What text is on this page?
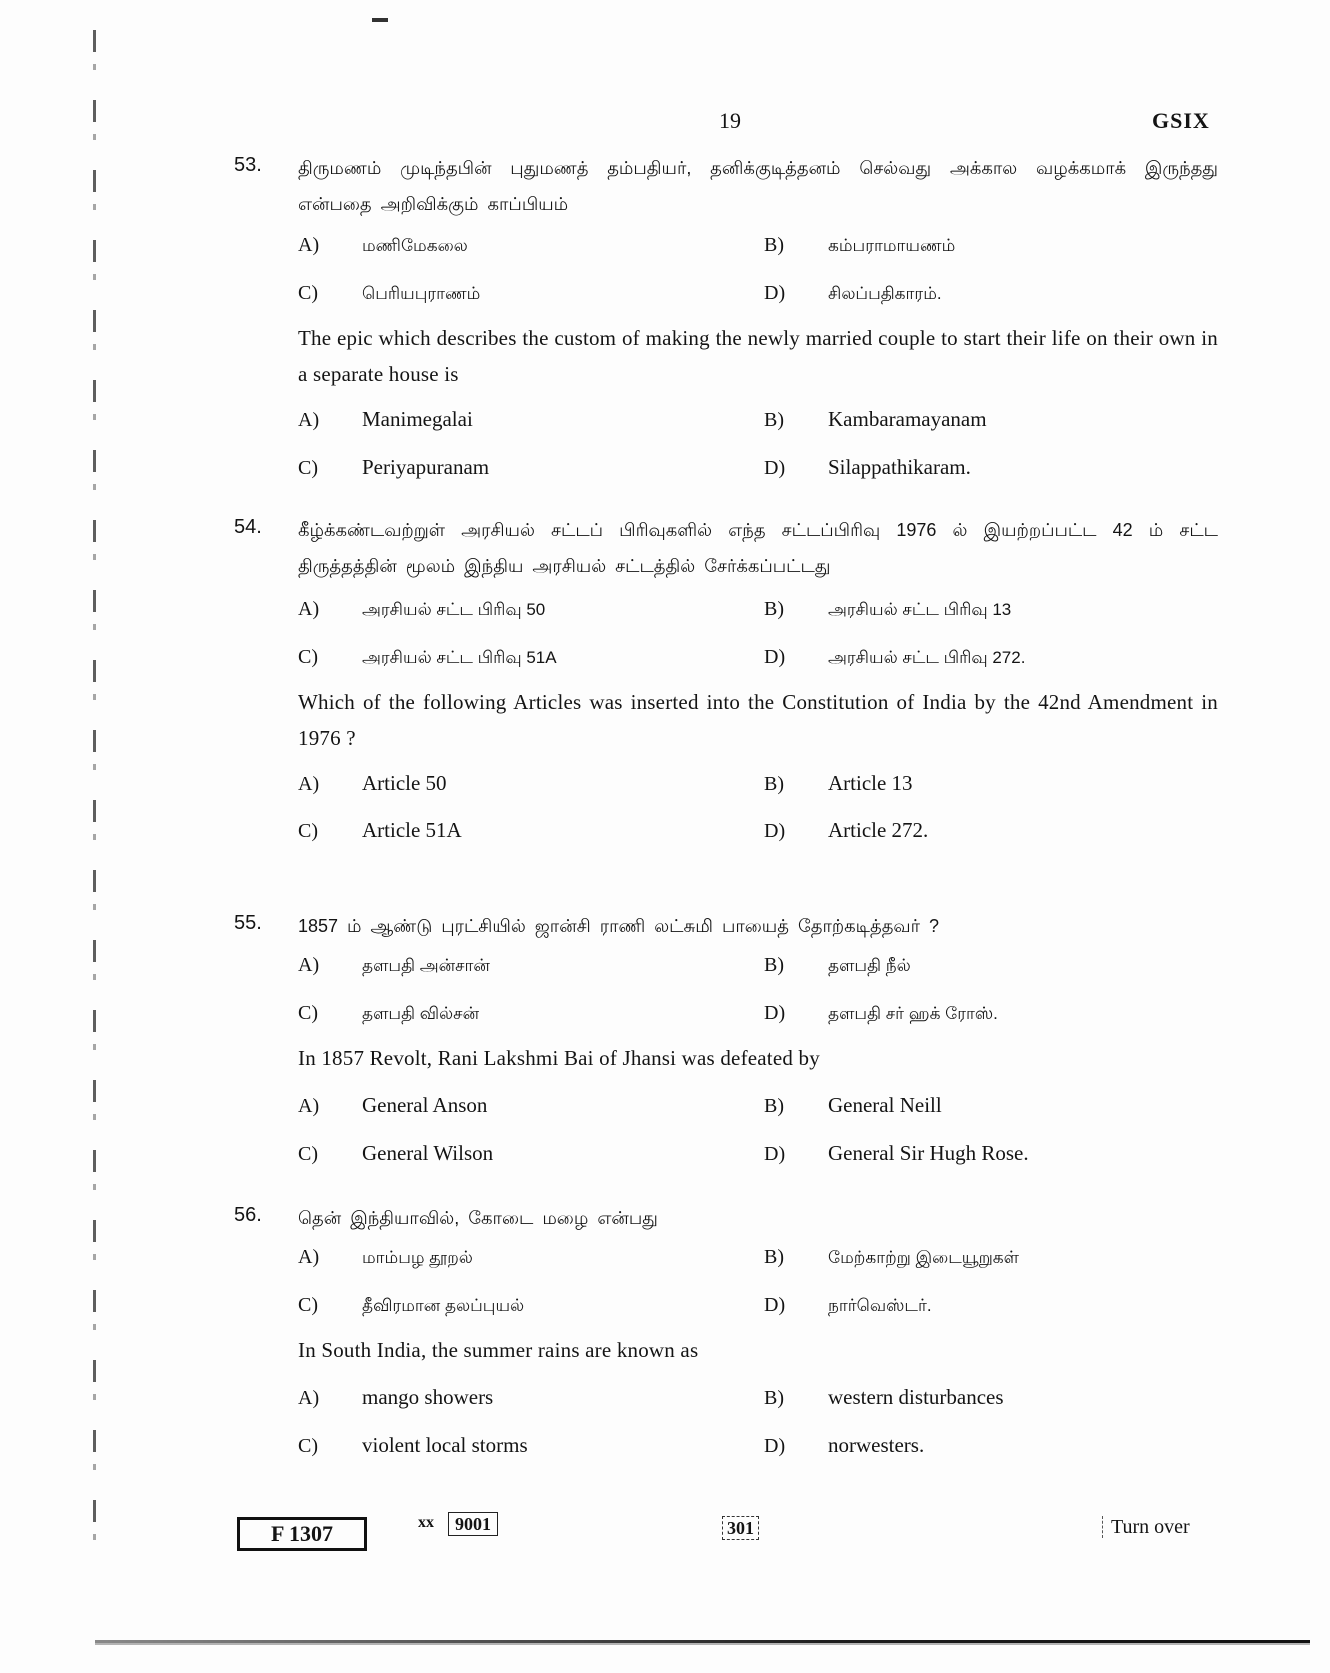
19	GSIX
53. திருமணம் முடிந்தபின் புதுமணத் தம்பதியர், தனிக்குடித்தனம் செல்வது அக்கால வழக்கமாக் இருந்தது என்பதை அறிவிக்கும் காப்பியம்
A)	மணிமேகலை	B)	கம்பராமாயணம்
C)	பெரியபுராணம்	D)	சிலப்பதிகாரம்.
The epic which describes the custom of making the newly married couple to start their life on their own in a separate house is
A) Manimegalai	B) Kambaramayanam
C) Periyapuranam	D) Silappathikaram.
54. கீழ்க்கண்டவற்றுள் அரசியல் சட்டப் பிரிவுகளில் எந்த சட்டப்பிரிவு 1976 ல் இயற்றப்பட்ட 42 ம் சட்ட திருத்தத்தின் மூலம் இந்திய அரசியல் சட்டத்தில் சேர்க்கப்பட்டது
A)	அரசியல் சட்ட பிரிவு 50	B)	அரசியல் சட்ட பிரிவு 13
C)	அரசியல் சட்ட பிரிவு 51A	D)	அரசியல் சட்ட பிரிவு 272.
Which of the following Articles was inserted into the Constitution of India by the 42nd Amendment in 1976 ?
A) Article 50	B) Article 13
C) Article 51A	D) Article 272.
55. 1857 ம் ஆண்டு புரட்சியில் ஜான்சி ராணி லட்சுமி பாயைத் தோற்கடித்தவர் ?
A)	தளபதி அன்சான்	B)	தளபதி நீல்
C)	தளபதி வில்சன்	D)	தளபதி சர் ஹக் ரோஸ்.
In 1857 Revolt, Rani Lakshmi Bai of Jhansi was defeated by
A) General Anson	B) General Neill
C) General Wilson	D) General Sir Hugh Rose.
56. தென் இந்தியாவில், கோடை மழை என்பது
A)	மாம்பழ தூறல்	B)	மேற்காற்று இடையூறுகள்
C)	தீவிரமான தலப்புயல்	D)	நார்வெஸ்டர்.
In South India, the summer rains are known as
A) mango showers	B) western disturbances
C) violent local storms	D) norwesters.
F 1307	xx	9001	301	Turn over
